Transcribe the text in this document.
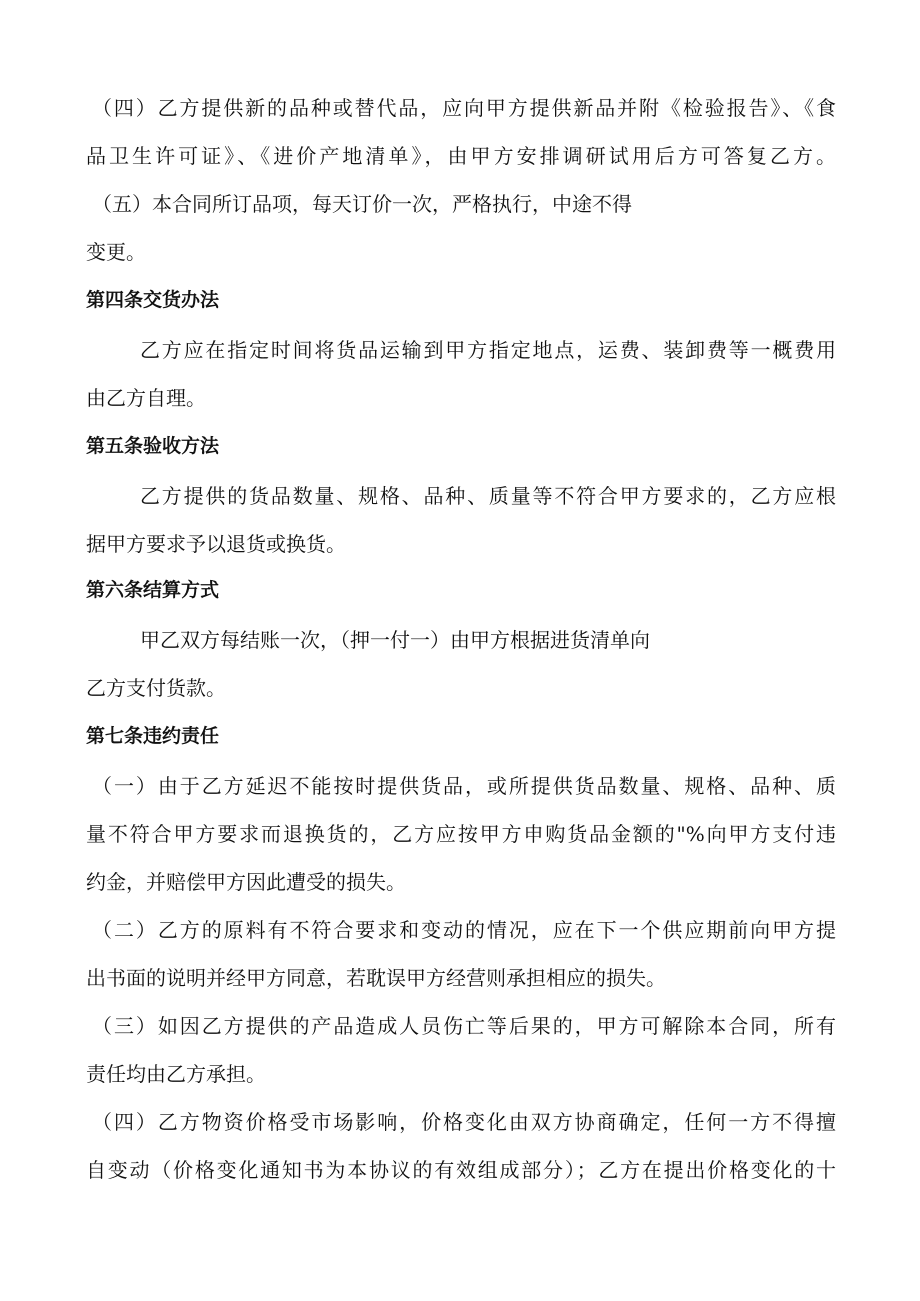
（四）乙方提供新的品种或替代品，应向甲方提供新品并附《检验报告》、《食
品卫生许可证》、《进价产地清单》，由甲方安排调研试用后方可答复乙方。
（五）本合同所订品项，每天订价一次，严格执行，中途不得
变更。
第四条交货办法
乙方应在指定时间将货品运输到甲方指定地点，运费、装卸费等一概费用
由乙方自理。
第五条验收方法
乙方提供的货品数量、规格、品种、质量等不符合甲方要求的，乙方应根
据甲方要求予以退货或换货。
第六条结算方式
甲乙双方每结账一次，（押一付一）由甲方根据进货清单向
乙方支付货款。
第七条违约责任
（一）由于乙方延迟不能按时提供货品，或所提供货品数量、规格、品种、质
量不符合甲方要求而退换货的，乙方应按甲方申购货品金额的"%向甲方支付违
约金，并赔偿甲方因此遭受的损失。
（二）乙方的原料有不符合要求和变动的情况，应在下一个供应期前向甲方提
出书面的说明并经甲方同意，若耽误甲方经营则承担相应的损失。
（三）如因乙方提供的产品造成人员伤亡等后果的，甲方可解除本合同，所有
责任均由乙方承担。
（四）乙方物资价格受市场影响，价格变化由双方协商确定，任何一方不得擅
自变动（价格变化通知书为本协议的有效组成部分）；乙方在提出价格变化的十
